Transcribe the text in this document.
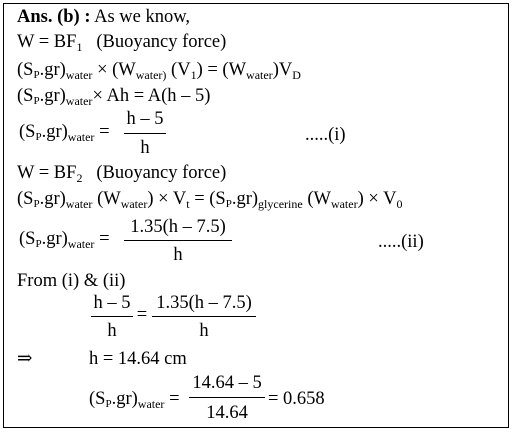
Ans. (b) : As we know,
$W = BF_1$ (Buoyancy force)
$(SP.gr)_{water} \times (W_{water)}$ $(V_1) = (W_{water})V_D$
$(SP.gr)_{water}\times Ah = A(h - 5)$
$(SP.gr)_{water}$ =
h – 5
h
.....(i)
$W = BF_2$ (Buoyancy force)
$(SP.gr)_{water}$ $(W_{water}) \times V_t = (SP.gr)_{glycerine}$ $(W_{water}) \times V_0$
$(SP.gr)_{water}$ =
1.35(h – 7.5)
h
.....(ii)
From (i) & (ii)
h – 5
h
=
1.35(h – 7.5)
h
⇒	h = 14.64 cm
$(SP.gr)_{water}$ =
14.64 – 5
14.64
= 0.658
